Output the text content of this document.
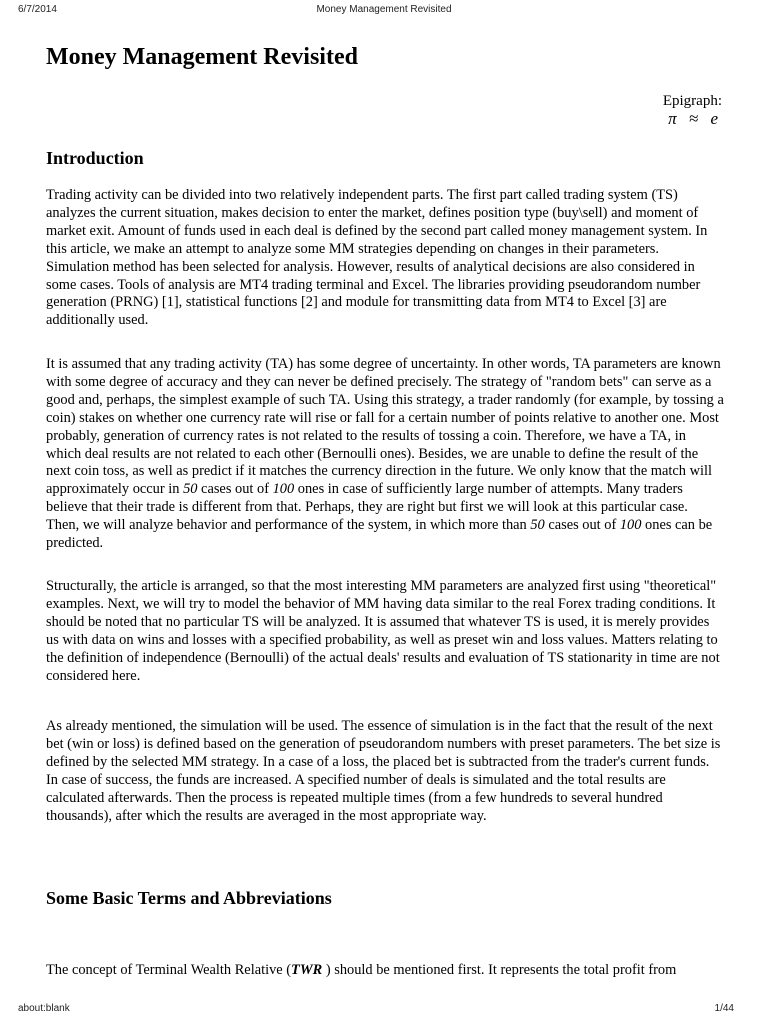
6/7/2014	Money Management Revisited
Money Management Revisited
Epigraph:
π ≈ e
Introduction

Trading activity can be divided into two relatively independent parts. The first part called trading system (TS) analyzes the current situation, makes decision to enter the market, defines position type (buy\sell) and moment of market exit. Amount of funds used in each deal is defined by the second part called money management system. In this article, we make an attempt to analyze some MM strategies depending on changes in their parameters. Simulation method has been selected for analysis. However, results of analytical decisions are also considered in some cases. Tools of analysis are MT4 trading terminal and Excel. The libraries providing pseudorandom number generation (PRNG) [1], statistical functions [2] and module for transmitting data from MT4 to Excel [3] are additionally used.

It is assumed that any trading activity (TA) has some degree of uncertainty. In other words, TA parameters are known with some degree of accuracy and they can never be defined precisely. The strategy of "random bets" can serve as a good and, perhaps, the simplest example of such TA. Using this strategy, a trader randomly (for example, by tossing a coin) stakes on whether one currency rate will rise or fall for a certain number of points relative to another one. Most probably, generation of currency rates is not related to the results of tossing a coin. Therefore, we have a TA, in which deal results are not related to each other (Bernoulli ones). Besides, we are unable to define the result of the next coin toss, as well as predict if it matches the currency direction in the future. We only know that the match will approximately occur in 50 cases out of 100 ones in case of sufficiently large number of attempts. Many traders believe that their trade is different from that. Perhaps, they are right but first we will look at this particular case. Then, we will analyze behavior and performance of the system, in which more than 50 cases out of 100 ones can be predicted.

Structurally, the article is arranged, so that the most interesting MM parameters are analyzed first using "theoretical" examples. Next, we will try to model the behavior of MM having data similar to the real Forex trading conditions. It should be noted that no particular TS will be analyzed. It is assumed that whatever TS is used, it is merely provides us with data on wins and losses with a specified probability, as well as preset win and loss values. Matters relating to the definition of independence (Bernoulli) of the actual deals' results and evaluation of TS stationarity in time are not considered here.

As already mentioned, the simulation will be used. The essence of simulation is in the fact that the result of the next bet (win or loss) is defined based on the generation of pseudorandom numbers with preset parameters. The bet size is defined by the selected MM strategy. In a case of a loss, the placed bet is subtracted from the trader's current funds. In case of success, the funds are increased. A specified number of deals is simulated and the total results are calculated afterwards. Then the process is repeated multiple times (from a few hundreds to several hundred thousands), after which the results are averaged in the most appropriate way.

Some Basic Terms and Abbreviations

The concept of Terminal Wealth Relative (TWR ) should be mentioned first. It represents the total profit from

about:blank	1/44
